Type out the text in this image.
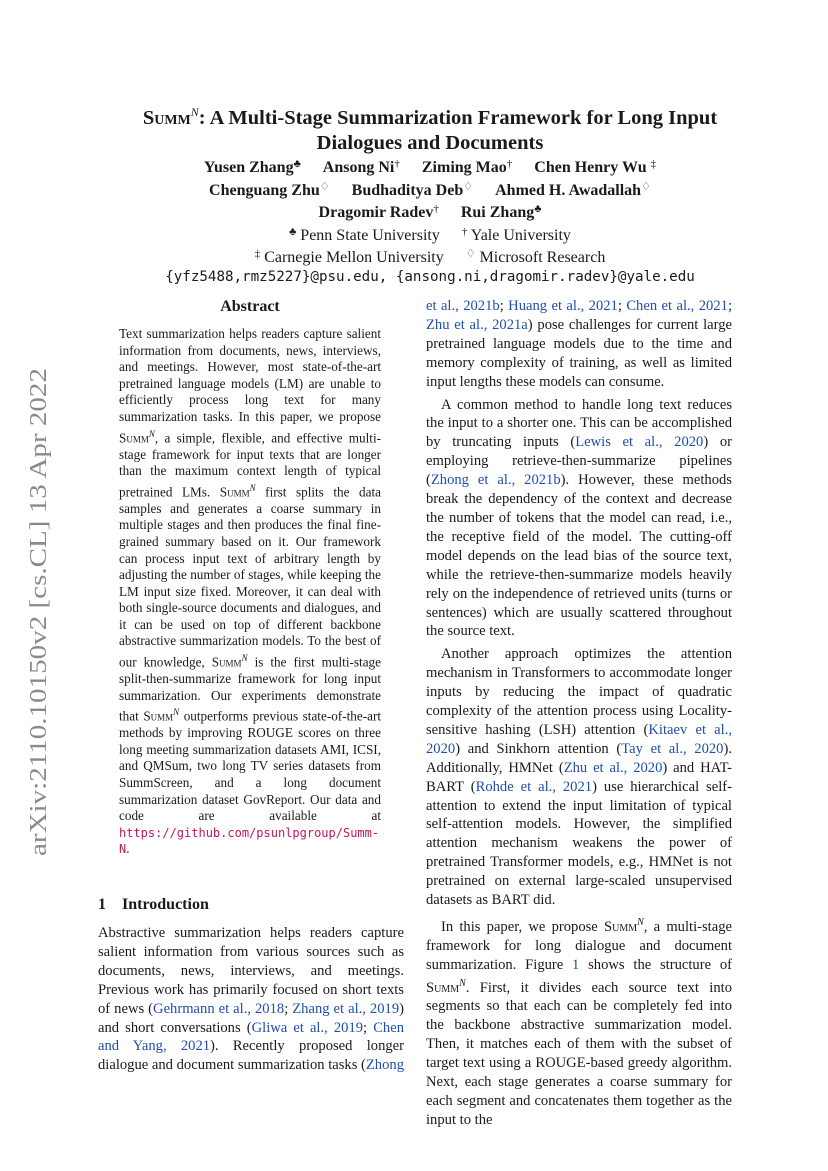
arXiv:2110.10150v2 [cs.CL] 13 Apr 2022
Summ$^N$: A Multi-Stage Summarization Framework for Long Input
Dialogues and Documents
Yusen Zhang♣ Ansong Ni† Ziming Mao† Chen Henry Wu ‡
Chenguang Zhu♢ Budhaditya Deb♢ Ahmed H. Awadallah♢
Dragomir Radev† Rui Zhang♣
♣ Penn State University † Yale University
‡ Carnegie Mellon University ♢ Microsoft Research
{yfz5488,rmz5227}@psu.edu, {ansong.ni,dragomir.radev}@yale.edu
Abstract

Text summarization helps readers capture salient information from documents, news, interviews, and meetings. However, most state-of-the-art pretrained language models (LM) are unable to efficiently process long text for many summarization tasks. In this paper, we propose Summ$^N$, a simple, flexible, and effective multi-stage framework for input texts that are longer than the maximum context length of typical pretrained LMs. Summ$^N$ first splits the data samples and generates a coarse summary in multiple stages and then produces the final fine-grained summary based on it. Our framework can process input text of arbitrary length by adjusting the number of stages, while keeping the LM input size fixed. Moreover, it can deal with both single-source documents and dialogues, and it can be used on top of different backbone abstractive summarization models. To the best of our knowledge, Summ$^N$ is the first multi-stage split-then-summarize framework for long input summarization. Our experiments demonstrate that Summ$^N$ outperforms previous state-of-the-art methods by improving ROUGE scores on three long meeting summarization datasets AMI, ICSI, and QMSum, two long TV series datasets from SummScreen, and a long document summarization dataset GovReport. Our data and code are available at https://github.com/psunlpgroup/Summ-N.

1 Introduction

Abstractive summarization helps readers capture salient information from various sources such as documents, news, interviews, and meetings. Previous work has primarily focused on short texts of news (Gehrmann et al., 2018; Zhang et al., 2019) and short conversations (Gliwa et al., 2019; Chen and Yang, 2021). Recently proposed longer dialogue and document summarization tasks (Zhong

et al., 2021b; Huang et al., 2021; Chen et al., 2021; Zhu et al., 2021a) pose challenges for current large pretrained language models due to the time and memory complexity of training, as well as limited input lengths these models can consume.

A common method to handle long text reduces the input to a shorter one. This can be accomplished by truncating inputs (Lewis et al., 2020) or employing retrieve-then-summarize pipelines (Zhong et al., 2021b). However, these methods break the dependency of the context and decrease the number of tokens that the model can read, i.e., the receptive field of the model. The cutting-off model depends on the lead bias of the source text, while the retrieve-then-summarize models heavily rely on the independence of retrieved units (turns or sentences) which are usually scattered throughout the source text.

Another approach optimizes the attention mechanism in Transformers to accommodate longer inputs by reducing the impact of quadratic complexity of the attention process using Locality-sensitive hashing (LSH) attention (Kitaev et al., 2020) and Sinkhorn attention (Tay et al., 2020). Additionally, HMNet (Zhu et al., 2020) and HAT-BART (Rohde et al., 2021) use hierarchical self-attention to extend the input limitation of typical self-attention models. However, the simplified attention mechanism weakens the power of pretrained Transformer models, e.g., HMNet is not pretrained on external large-scaled unsupervised datasets as BART did.

In this paper, we propose Summ$^N$, a multi-stage framework for long dialogue and document summarization. Figure 1 shows the structure of Summ$^N$. First, it divides each source text into segments so that each can be completely fed into the backbone abstractive summarization model. Then, it matches each of them with the subset of target text using a ROUGE-based greedy algorithm. Next, each stage generates a coarse summary for each segment and concatenates them together as the input to the
